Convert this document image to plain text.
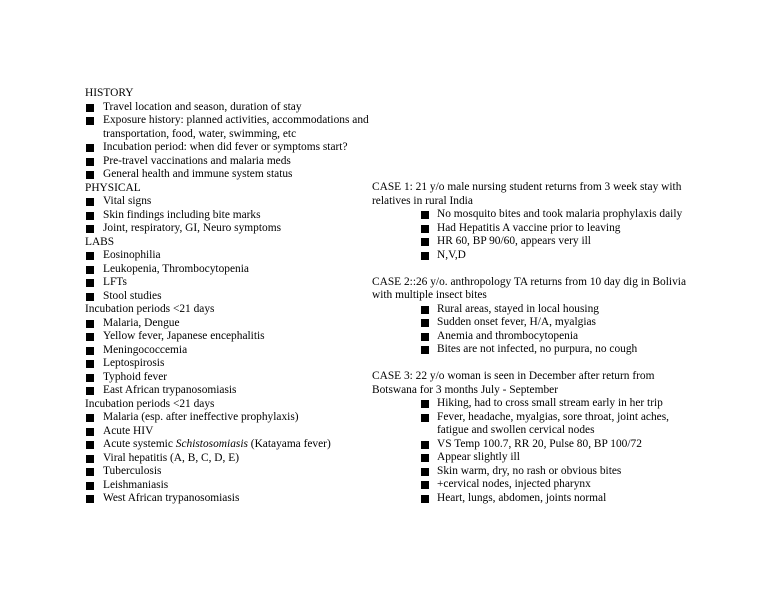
HISTORY
Travel location and season, duration of stay
Exposure history: planned activities, accommodations and transportation, food, water, swimming, etc
Incubation period: when did fever or symptoms start?
Pre-travel vaccinations and malaria meds
General health and immune system status
PHYSICAL
Vital signs
Skin findings including bite marks
Joint, respiratory, GI, Neuro symptoms
LABS
Eosinophilia
Leukopenia, Thrombocytopenia
LFTs
Stool studies
Incubation periods <21 days
Malaria, Dengue
Yellow fever, Japanese encephalitis
Meningococcemia
Leptospirosis
Typhoid fever
East African trypanosomiasis
Incubation periods <21 days
Malaria (esp. after ineffective prophylaxis)
Acute HIV
Acute systemic Schistosomiasis (Katayama fever)
Viral hepatitis (A, B, C, D, E)
Tuberculosis
Leishmaniasis
West African trypanosomiasis
CASE 1: 21 y/o male nursing student returns from 3 week stay with relatives in rural India
No mosquito bites and took malaria prophylaxis daily
Had Hepatitis A vaccine prior to leaving
HR 60, BP 90/60, appears very ill
N,V,D
CASE 2::26 y/o. anthropology TA returns from 10 day dig in Bolivia with multiple insect bites
Rural areas, stayed in local housing
Sudden onset fever, H/A, myalgias
Anemia and thrombocytopenia
Bites are not infected, no purpura, no cough
CASE 3: 22 y/o woman is seen in December after return from Botswana for 3 months July - September
Hiking, had to cross small stream early in her trip
Fever, headache, myalgias, sore throat, joint aches, fatigue and swollen cervical nodes
VS Temp 100.7, RR 20, Pulse 80, BP 100/72
Appear slightly ill
Skin warm, dry, no rash or obvious bites
+cervical nodes, injected pharynx
Heart, lungs, abdomen, joints normal
